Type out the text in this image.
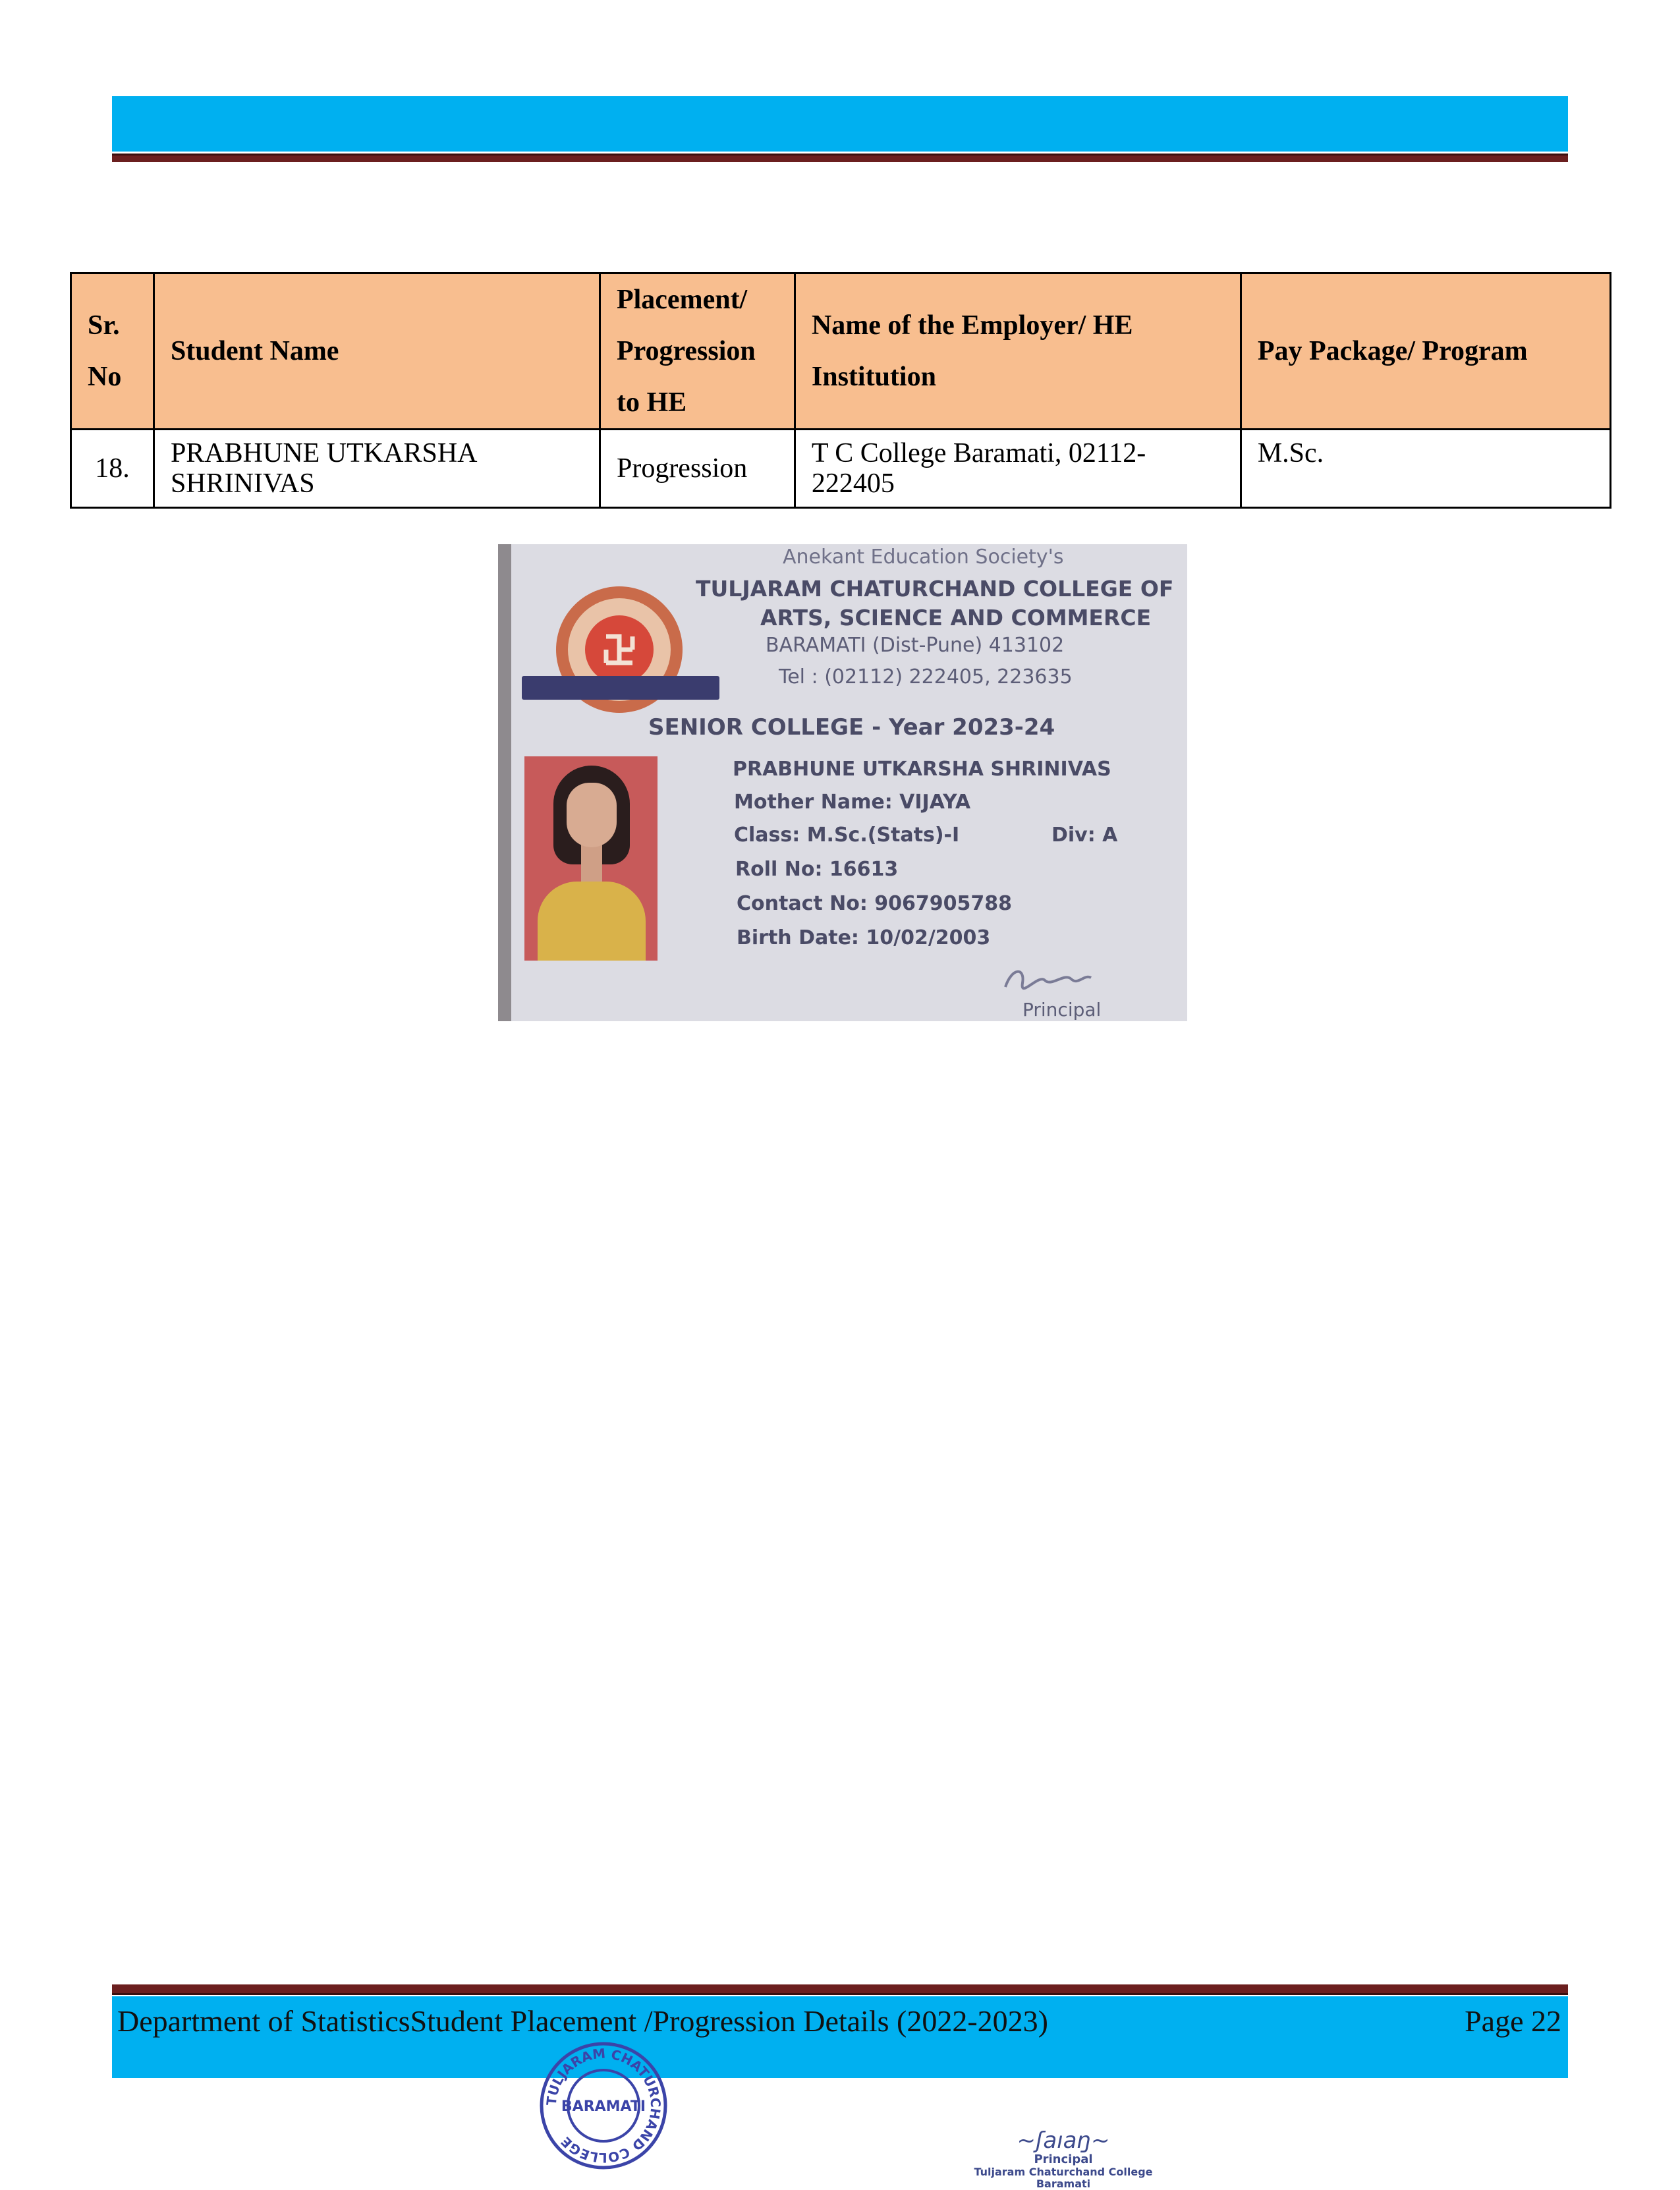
Sr. No	Student Name	Placement/ Progression to HE	Name of the Employer/ HE Institution	Pay Package/ Program
18.	PRABHUNE UTKARSHA SHRINIVAS	Progression	T C College Baramati, 02112-222405	M.Sc.
Anekant Education Society's
TULJARAM CHATURCHAND COLLEGE OF
ARTS, SCIENCE AND COMMERCE
BARAMATI (Dist-Pune) 413102
Tel : (02112) 222405, 223635
SENIOR COLLEGE - Year 2023-24
PRABHUNE UTKARSHA SHRINIVAS
Mother Name: VIJAYA
Class: M.Sc.(Stats)-I	Div: A
Roll No: 16613
Contact No: 9067905788
Birth Date: 10/02/2003
Principal
Department of StatisticsStudent Placement /Progression Details (2022-2023)	Page 22
TULJARAM CHATURCHAND COLLEGE
BARAMATI
~ʃaıaŋ~
Principal
Tuljaram Chaturchand College
Baramati
